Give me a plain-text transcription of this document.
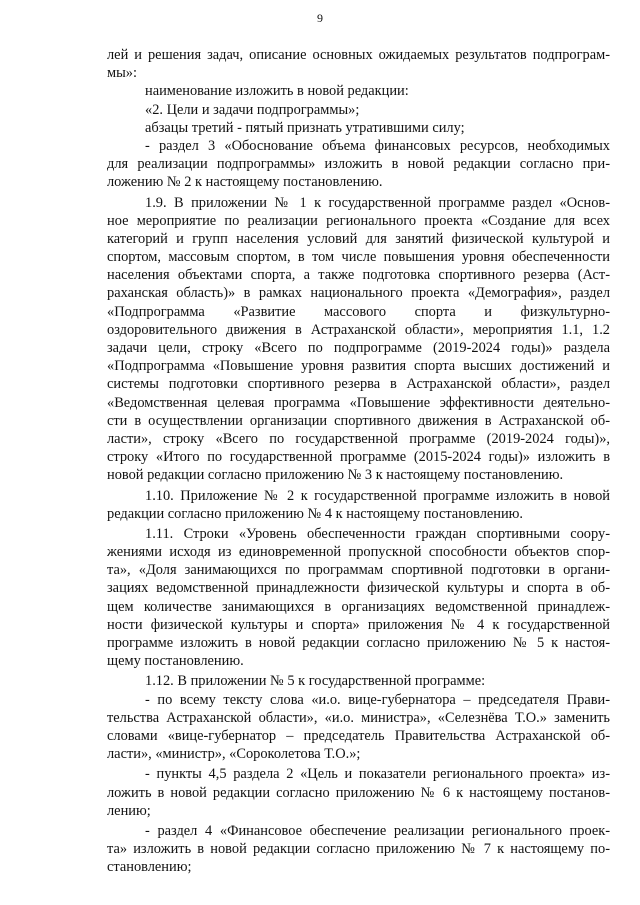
9
лей и решения задач, описание основных ожидаемых результатов подпрограм-
мы»:
наименование изложить в новой редакции:
«2. Цели и задачи подпрограммы»;
абзацы третий - пятый признать утратившими силу;
- раздел 3 «Обоснование объема финансовых ресурсов, необходимых
для реализации подпрограммы» изложить в новой редакции согласно при-
ложению № 2 к настоящему постановлению.
1.9. В приложении № 1 к государственной программе раздел «Основ-
ное мероприятие по реализации регионального проекта «Создание для всех
категорий и групп населения условий для занятий физической культурой и
спортом, массовым спортом, в том числе повышения уровня обеспеченности
населения объектами спорта, а также подготовка спортивного резерва (Аст-
раханская область)» в рамках национального проекта «Демография», раздел
«Подпрограмма «Развитие массового спорта и физкультурно-
оздоровительного движения в Астраханской области», мероприятия 1.1, 1.2
задачи цели, строку «Всего по подпрограмме (2019-2024 годы)» раздела
«Подпрограмма «Повышение уровня развития спорта высших достижений и
системы подготовки спортивного резерва в Астраханской области», раздел
«Ведомственная целевая программа «Повышение эффективности деятельно-
сти в осуществлении организации спортивного движения в Астраханской об-
ласти», строку «Всего по государственной программе (2019-2024 годы)»,
строку «Итого по государственной программе (2015-2024 годы)» изложить в
новой редакции согласно приложению № 3 к настоящему постановлению.
1.10. Приложение № 2 к государственной программе изложить в новой
редакции согласно приложению № 4 к настоящему постановлению.
1.11. Строки «Уровень обеспеченности граждан спортивными соору-
жениями исходя из единовременной пропускной способности объектов спор-
та», «Доля занимающихся по программам спортивной подготовки в органи-
зациях ведомственной принадлежности физической культуры и спорта в об-
щем количестве занимающихся в организациях ведомственной принадлеж-
ности физической культуры и спорта» приложения № 4 к государственной
программе изложить в новой редакции согласно приложению № 5 к настоя-
щему постановлению.
1.12. В приложении № 5 к государственной программе:
- по всему тексту слова «и.о. вице-губернатора – председателя Прави-
тельства Астраханской области», «и.о. министра», «Селезнёва Т.О.» заменить
словами «вице-губернатор – председатель Правительства Астраханской об-
ласти», «министр», «Сороколетова Т.О.»;
- пункты 4,5 раздела 2 «Цель и показатели регионального проекта» из-
ложить в новой редакции согласно приложению № 6 к настоящему постанов-
лению;
- раздел 4 «Финансовое обеспечение реализации регионального проек-
та» изложить в новой редакции согласно приложению № 7 к настоящему по-
становлению;
